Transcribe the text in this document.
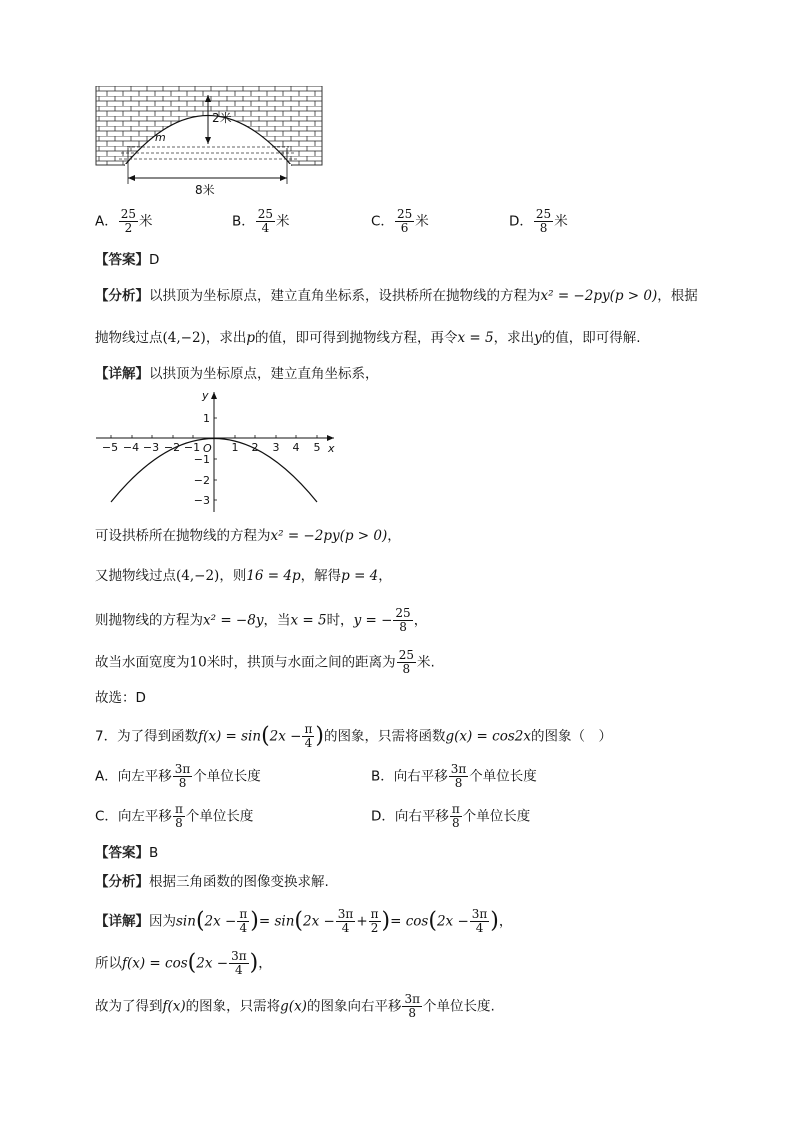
2米
m
8米
A． $\frac{25}{2}$ 米	B． $\frac{25}{4}$ 米	C． $\frac{25}{6}$ 米	D． $\frac{25}{8}$ 米
【答案】D
【分析】以拱顶为坐标原点，建立直角坐标系，设拱桥所在抛物线的方程为x² = −2py(p > 0)，根据
抛物线过点(4,−2)，求出p的值，即可得到抛物线方程，再令x = 5，求出y的值，即可得解.
【详解】以拱顶为坐标原点，建立直角坐标系，
y
x
O
−5 −4 −3 −2 −1	1 2 3 4 5
1
−1
−2
−3
可设拱桥所在抛物线的方程为x² = −2py(p > 0)，
又抛物线过点(4,−2)，则16 = 4p，解得p = 4，
则抛物线的方程为x² = −8y，当x = 5时，y = − $\frac{25}{8}$ ，
故当水面宽度为10米时，拱顶与水面之间的距离为 $\frac{25}{8}$ 米.
故选：D
7．为了得到函数$f(x) = \sin(2x - \frac{\pi}{4}$ )的图象，只需将函数g(x) = cos2x的图象（　）
A．向左平移 $\frac{3\pi}{8}$ 个单位长度	B．向右平移 $\frac{3\pi}{8}$ 个单位长度
C．向左平移 $\frac{\pi}{8}$ 个单位长度	D．向右平移 $\frac{\pi}{8}$ 个单位长度
【答案】B
【分析】根据三角函数的图像变换求解.
【详解】因为$\sin(2x - \frac{\pi}{4}$ )= $\sin(2x - \frac{3\pi}{4} + \frac{\pi}{2}$ )= $\cos(2x - \frac{3\pi}{4}$ )，
所以$f(x) = \cos(2x - \frac{3\pi}{4}$ )，
故为了得到f(x)的图象，只需将g(x)的图象向右平移 $\frac{3\pi}{8}$ 个单位长度.
